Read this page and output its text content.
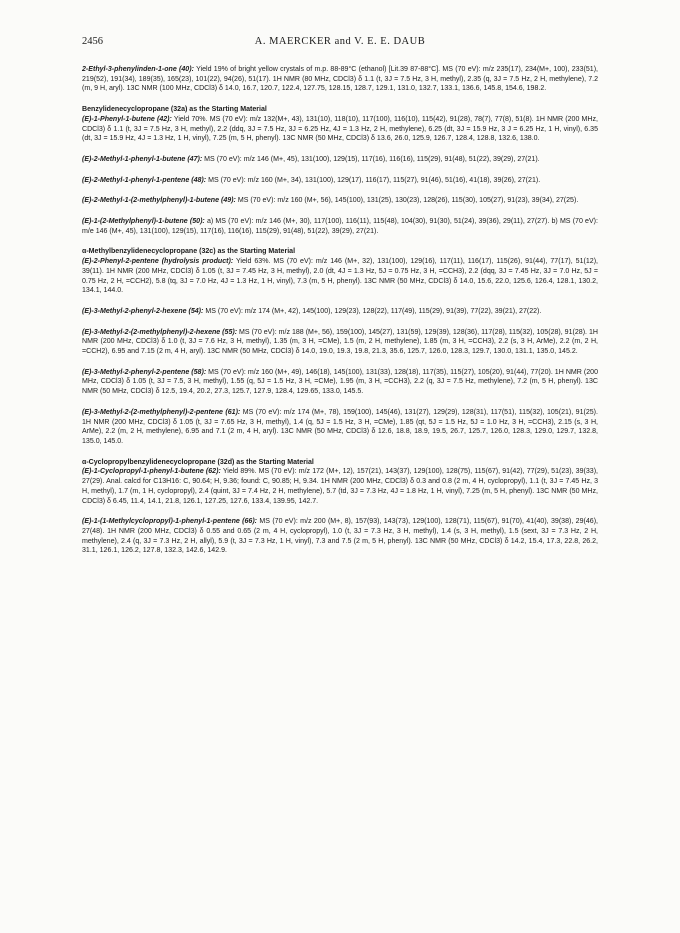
2456	A. MAERCKER and V. E. E. DAUB

2-Ethyl-3-phenylinden-1-one (40): Yield 19% of bright yellow crystals of m.p. 88-89°C (ethanol) [Lit.39 87-88°C]. MS (70 eV): m/z 235(17), 234(M+, 100), 233(51), 219(52), 191(34), 189(35), 165(23), 101(22), 94(26), 51(17). 1H NMR (80 MHz, CDCl3) δ 1.1 (t, 3J = 7.5 Hz, 3 H, methyl), 2.35 (q, 3J = 7.5 Hz, 2 H, methylene), 7.2 (m, 9 H, aryl). 13C NMR (100 MHz, CDCl3) δ 14.0, 16.7, 120.7, 122.4, 127.75, 128.15, 128.7, 129.1, 131.0, 132.7, 133.1, 136.6, 145.8, 154.6, 198.2.

Benzylidenecyclopropane (32a) as the Starting Material

(E)-1-Phenyl-1-butene (42): Yield 70%. MS (70 eV): m/z 132(M+, 43), 131(10), 118(10), 117(100), 116(10), 115(42), 91(28), 78(7), 77(8), 51(8). 1H NMR (200 MHz, CDCl3) δ 1.1 (t, 3J = 7.5 Hz, 3 H, methyl), 2.2 (ddq, 3J = 7.5 Hz, 3J = 6.25 Hz, 4J = 1.3 Hz, 2 H, methylene), 6.25 (dt, 3J = 15.9 Hz, 3 J = 6.25 Hz, 1 H, vinyl), 6.35 (dt, 3J = 15.9 Hz, 4J = 1.3 Hz, 1 H, vinyl), 7.25 (m, 5 H, phenyl). 13C NMR (50 MHz, CDCl3) δ 13.6, 26.0, 125.9, 126.7, 128.4, 128.8, 132.6, 138.0.

(E)-2-Methyl-1-phenyl-1-butene (47): MS (70 eV): m/z 146 (M+, 45), 131(100), 129(15), 117(16), 116(16), 115(29), 91(48), 51(22), 39(29), 27(21).

(E)-2-Methyl-1-phenyl-1-pentene (48): MS (70 eV): m/z 160 (M+, 34), 131(100), 129(17), 116(17), 115(27), 91(46), 51(16), 41(18), 39(26), 27(21).

(E)-2-Methyl-1-(2-methylphenyl)-1-butene (49): MS (70 eV): m/z 160 (M+, 56), 145(100), 131(25), 130(23), 128(26), 115(30), 105(27), 91(23), 39(34), 27(25).

(E)-1-(2-Methylphenyl)-1-butene (50): a) MS (70 eV): m/z 146 (M+, 30), 117(100), 116(11), 115(48), 104(30), 91(30), 51(24), 39(36), 29(11), 27(27). b) MS (70 eV): m/e 146 (M+, 45), 131(100), 129(15), 117(16), 116(16), 115(29), 91(48), 51(22), 39(29), 27(21).

α-Methylbenzylidenecyclopropane (32c) as the Starting Material

(E)-2-Phenyl-2-pentene (hydrolysis product): Yield 63%. MS (70 eV): m/z 146 (M+, 32), 131(100), 129(16), 117(11), 116(17), 115(26), 91(44), 77(17), 51(12), 39(11). 1H NMR (200 MHz, CDCl3) δ 1.05 (t, 3J = 7.45 Hz, 3 H, methyl), 2.0 (dt, 4J = 1.3 Hz, 5J = 0.75 Hz, 3 H, =CCH3), 2.2 (dqq, 3J = 7.45 Hz, 3J = 7.0 Hz, 5J = 0.75 Hz, 2 H, =CCH2), 5.8 (tq, 3J = 7.0 Hz, 4J = 1.3 Hz, 1 H, vinyl), 7.3 (m, 5 H, phenyl). 13C NMR (50 MHz, CDCl3) δ 14.0, 15.6, 22.0, 125.6, 126.4, 128.1, 130.2, 134.1, 144.0.

(E)-3-Methyl-2-phenyl-2-hexene (54): MS (70 eV): m/z 174 (M+, 42), 145(100), 129(23), 128(22), 117(49), 115(29), 91(39), 77(22), 39(21), 27(22).

(E)-3-Methyl-2-(2-methylphenyl)-2-hexene (55): MS (70 eV): m/z 188 (M+, 56), 159(100), 145(27), 131(59), 129(39), 128(36), 117(28), 115(32), 105(28), 91(28). 1H NMR (200 MHz, CDCl3) δ 1.0 (t, 3J = 7.6 Hz, 3 H, methyl), 1.35 (m, 3 H, =CMe), 1.5 (m, 2 H, methylene), 1.85 (m, 3 H, =CCH3), 2.2 (s, 3 H, ArMe), 2.2 (m, 2 H, =CCH2), 6.95 and 7.15 (2 m, 4 H, aryl). 13C NMR (50 MHz, CDCl3) δ 14.0, 19.0, 19.3, 19.8, 21.3, 35.6, 125.7, 126.0, 128.3, 129.7, 130.0, 131.1, 135.0, 145.2.

(E)-3-Methyl-2-phenyl-2-pentene (58): MS (70 eV): m/z 160 (M+, 49), 146(18), 145(100), 131(33), 128(18), 117(35), 115(27), 105(20), 91(44), 77(20). 1H NMR (200 MHz, CDCl3) δ 1.05 (t, 3J = 7.5, 3 H, methyl), 1.55 (q, 5J = 1.5 Hz, 3 H, =CMe), 1.95 (m, 3 H, =CCH3), 2.2 (q, 3J = 7.5 Hz, methylene), 7.2 (m, 5 H, phenyl). 13C NMR (50 MHz, CDCl3) δ 12.5, 19.4, 20.2, 27.3, 125.7, 127.9, 128.4, 129.65, 133.0, 145.5.

(E)-3-Methyl-2-(2-methylphenyl)-2-pentene (61): MS (70 eV): m/z 174 (M+, 78), 159(100), 145(46), 131(27), 129(29), 128(31), 117(51), 115(32), 105(21), 91(25). 1H NMR (200 MHz, CDCl3) δ 1.05 (t, 3J = 7.65 Hz, 3 H, methyl), 1.4 (q, 5J = 1.5 Hz, 3 H, =CMe), 1.85 (qt, 5J = 1.5 Hz, 5J = 1.0 Hz, 3 H, =CCH3), 2.15 (s, 3 H, ArMe), 2.2 (m, 2 H, methylene), 6.95 and 7.1 (2 m, 4 H, aryl). 13C NMR (50 MHz, CDCl3) δ 12.6, 18.8, 18.9, 19.5, 26.7, 125.7, 126.0, 128.3, 129.0, 129.7, 132.8, 135.0, 145.0.

α-Cyclopropylbenzylidenecyclopropane (32d) as the Starting Material

(E)-1-Cyclopropyl-1-phenyl-1-butene (62): Yield 89%. MS (70 eV): m/z 172 (M+, 12), 157(21), 143(37), 129(100), 128(75), 115(67), 91(42), 77(29), 51(23), 39(33), 27(29). Anal. calcd for C13H16: C, 90.64; H, 9.36; found: C, 90.85; H, 9.34. 1H NMR (200 MHz, CDCl3) δ 0.3 and 0.8 (2 m, 4 H, cyclopropyl), 1.1 (t, 3J = 7.45 Hz, 3 H, methyl), 1.7 (m, 1 H, cyclopropyl), 2.4 (quint, 3J = 7.4 Hz, 2 H, methylene), 5.7 (td, 3J = 7.3 Hz, 4J = 1.8 Hz, 1 H, vinyl), 7.25 (m, 5 H, phenyl). 13C NMR (50 MHz, CDCl3) δ 6.45, 11.4, 14.1, 21.8, 126.1, 127.25, 127.6, 133.4, 139.95, 142.7.

(E)-1-(1-Methylcyclopropyl)-1-phenyl-1-pentene (66): MS (70 eV): m/z 200 (M+, 8), 157(93), 143(73), 129(100), 128(71), 115(67), 91(70), 41(40), 39(38), 29(46), 27(48). 1H NMR (200 MHz, CDCl3) δ 0.55 and 0.65 (2 m, 4 H, cyclopropyl), 1.0 (t, 3J = 7.3 Hz, 3 H, methyl), 1.4 (s, 3 H, methyl), 1.5 (sext, 3J = 7.3 Hz, 2 H, methylene), 2.4 (q, 3J = 7.3 Hz, 2 H, allyl), 5.9 (t, 3J = 7.3 Hz, 1 H, vinyl), 7.3 and 7.5 (2 m, 5 H, phenyl). 13C NMR (50 MHz, CDCl3) δ 14.2, 15.4, 17.3, 22.8, 26.2, 31.1, 126.1, 126.2, 127.8, 132.3, 142.6, 142.9.
